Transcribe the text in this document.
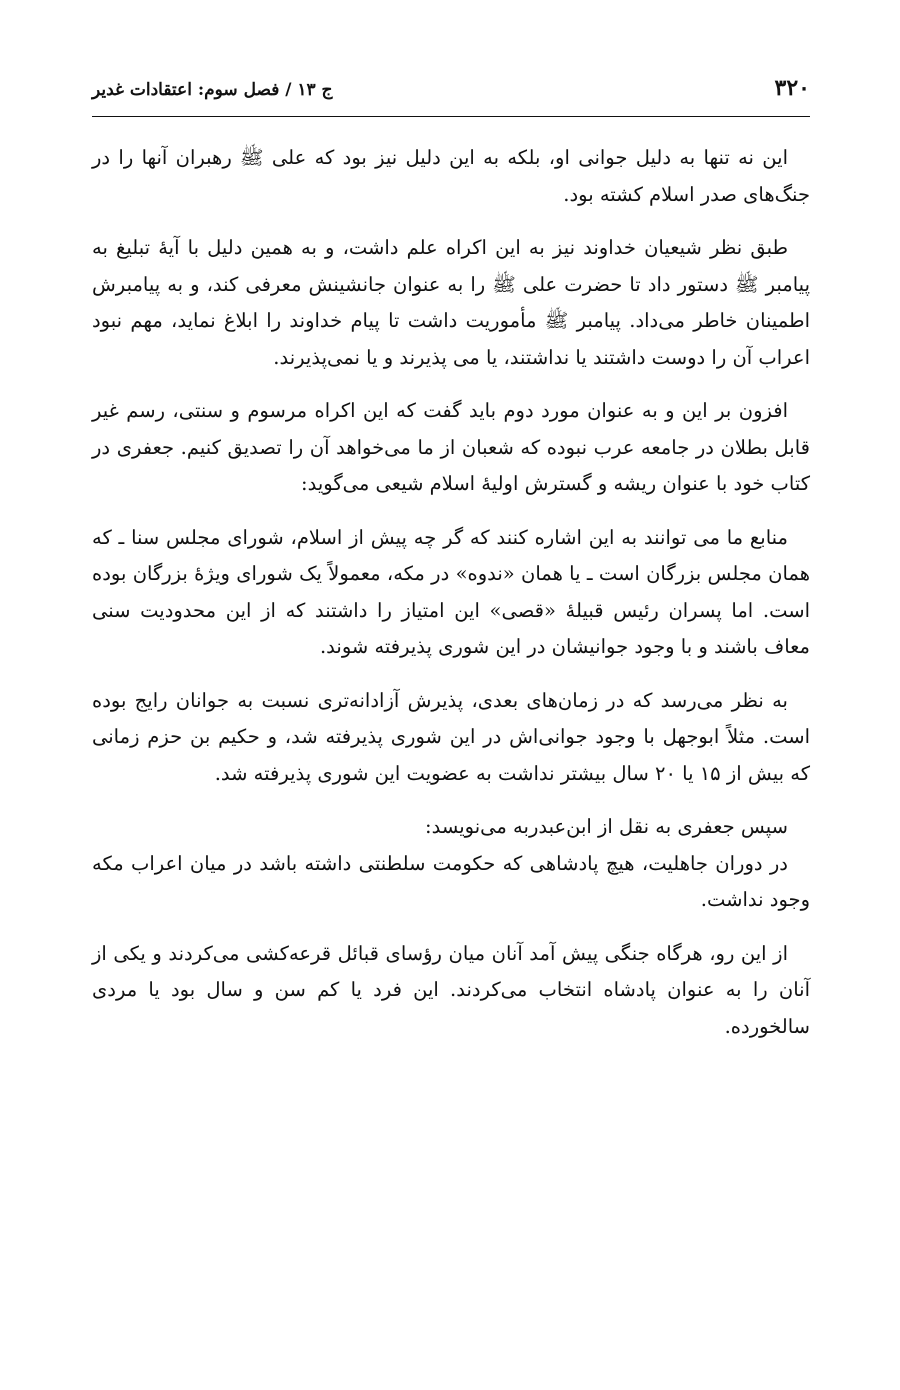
۳۲۰
ج ۱۳ / فصل سوم: اعتقادات غدیر

این نه تنها به دلیل جوانی او، بلکه به این دلیل نیز بود که علی ﷺ رهبران آنها را در جنگ‌های صدر اسلام کشته بود.

طبق نظر شیعیان خداوند نیز به این اکراه علم داشت، و به همین دلیل با آیهٔ تبلیغ به پیامبر ﷺ دستور داد تا حضرت علی ﷺ را به عنوان جانشینش معرفی کند، و به پیامبرش اطمینان خاطر می‌داد. پیامبر ﷺ مأموریت داشت تا پیام خداوند را ابلاغ نماید، مهم نبود اعراب آن را دوست داشتند یا نداشتند، یا می پذیرند و یا نمی‌پذیرند.

افزون بر این و به عنوان مورد دوم باید گفت که این اکراه مرسوم و سنتی، رسم غیر قابل بطلان در جامعه عرب نبوده که شعبان از ما می‌خواهد آن را تصدیق کنیم. جعفری در کتاب خود با عنوان ریشه و گسترش اولیهٔ اسلام شیعی می‌گوید:

منابع ما می توانند به این اشاره کنند که گر چه پیش از اسلام، شورای مجلس سنا ـ که همان مجلس بزرگان است ـ یا همان «ندوه» در مکه، معمولاً یک شورای ویژهٔ بزرگان بوده است. اما پسران رئیس قبیلهٔ «قصی» این امتیاز را داشتند که از این محدودیت سنی معاف باشند و با وجود جوانیشان در این شوری پذیرفته شوند.

به نظر می‌رسد که در زمان‌های بعدی، پذیرش آزادانه‌تری نسبت به جوانان رایج بوده است. مثلاً ابوجهل با وجود جوانی‌اش در این شوری پذیرفته شد، و حکیم بن حزم زمانی که بیش از ۱۵ یا ۲۰ سال بیشتر نداشت به عضویت این شوری پذیرفته شد.

سپس جعفری به نقل از ابن‌عبدربه می‌نویسد:

در دوران جاهلیت، هیچ پادشاهی که حکومت سلطنتی داشته باشد در میان اعراب مکه وجود نداشت.

از این رو، هرگاه جنگی پیش آمد آنان میان رؤسای قبائل قرعه‌کشی می‌کردند و یکی از آنان را به عنوان پادشاه انتخاب می‌کردند. این فرد یا کم سن و سال بود یا مردی سالخورده.
